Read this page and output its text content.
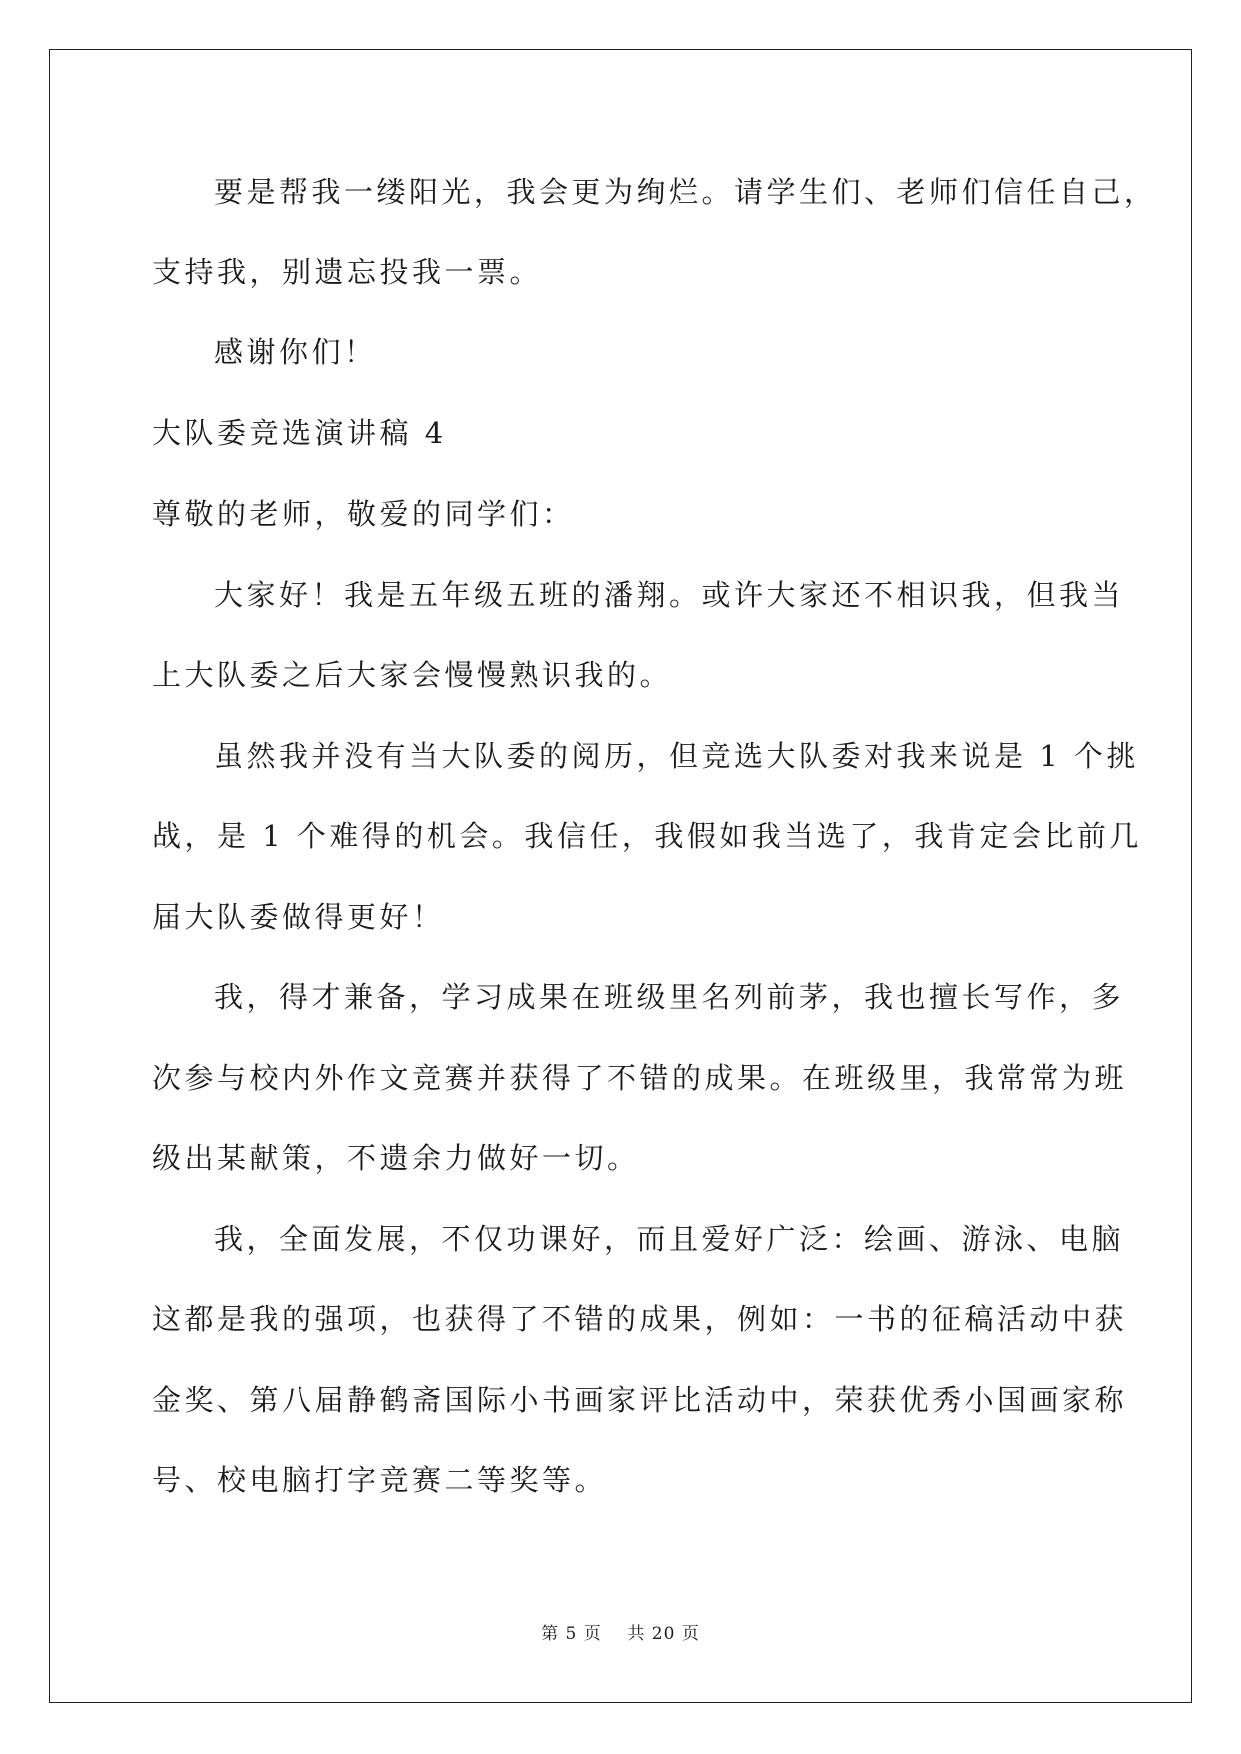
要是帮我一缕阳光，我会更为绚烂。请学生们、老师们信任自己，
支持我，别遗忘投我一票。
感谢你们！
大队委竞选演讲稿 4
尊敬的老师，敬爱的同学们：
大家好！我是五年级五班的潘翔。或许大家还不相识我，但我当
上大队委之后大家会慢慢熟识我的。
虽然我并没有当大队委的阅历，但竞选大队委对我来说是 1 个挑
战，是 1 个难得的机会。我信任，我假如我当选了，我肯定会比前几
届大队委做得更好！
我，得才兼备，学习成果在班级里名列前茅，我也擅长写作，多
次参与校内外作文竞赛并获得了不错的成果。在班级里，我常常为班
级出某献策，不遗余力做好一切。
我，全面发展，不仅功课好，而且爱好广泛：绘画、游泳、电脑
这都是我的强项，也获得了不错的成果，例如：一书的征稿活动中获
金奖、第八届静鹤斋国际小书画家评比活动中，荣获优秀小国画家称
号、校电脑打字竞赛二等奖等。
第 5 页    共 20 页
